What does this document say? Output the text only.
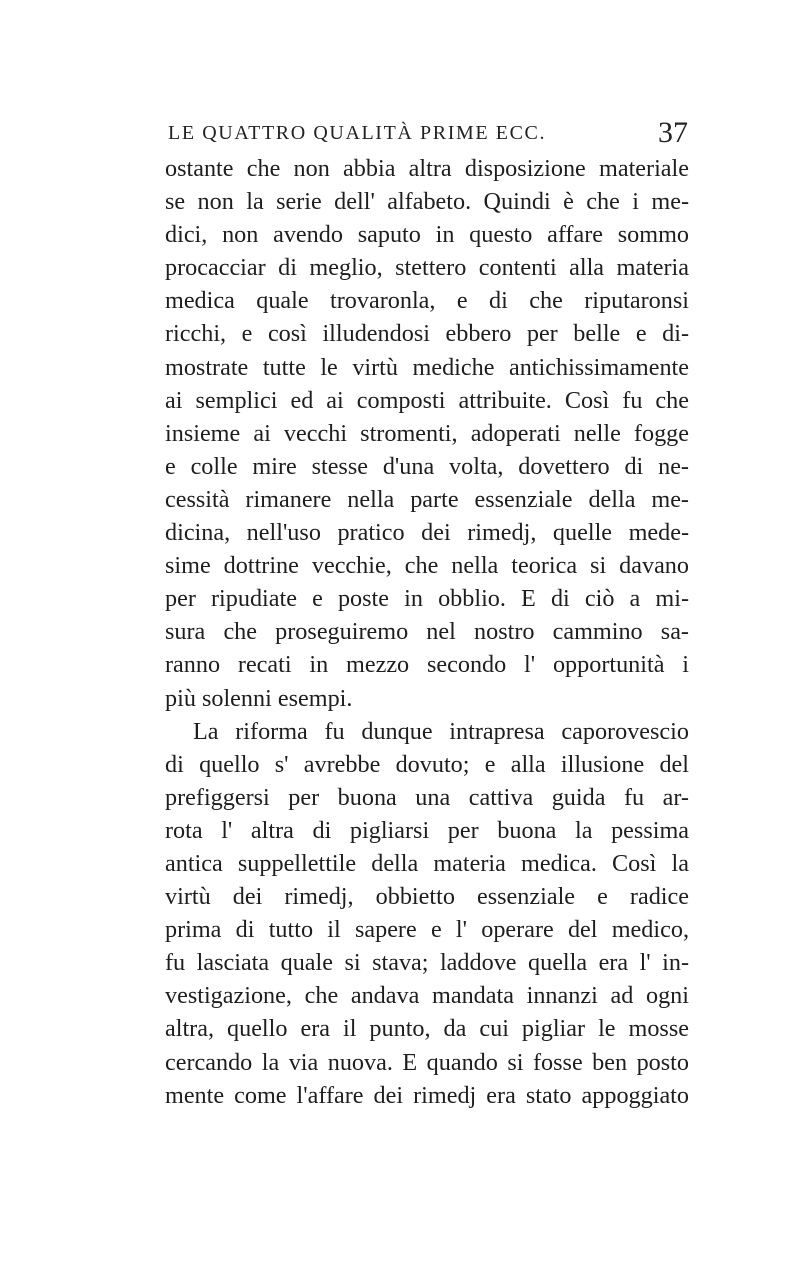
LE QUATTRO QUALITÀ PRIME ECC.	37
ostante che non abbia altra disposizione materiale
se non la serie dell' alfabeto. Quindi è che i me-
dici, non avendo saputo in questo affare sommo
procacciar di meglio, stettero contenti alla materia
medica quale trovaronla, e di che riputaronsi
ricchi, e così illudendosi ebbero per belle e di-
mostrate tutte le virtù mediche antichissimamente
ai semplici ed ai composti attribuite. Così fu che
insieme ai vecchi stromenti, adoperati nelle fogge
e colle mire stesse d'una volta, dovettero di ne-
cessità rimanere nella parte essenziale della me-
dicina, nell'uso pratico dei rimedj, quelle mede-
sime dottrine vecchie, che nella teorica si davano
per ripudiate e poste in obblio. E di ciò a mi-
sura che proseguiremo nel nostro cammino sa-
ranno recati in mezzo secondo l' opportunità i
più solenni esempi.
La riforma fu dunque intrapresa caporovescio
di quello s' avrebbe dovuto; e alla illusione del
prefiggersi per buona una cattiva guida fu ar-
rota l' altra di pigliarsi per buona la pessima
antica suppellettile della materia medica. Così la
virtù dei rimedj, obbietto essenziale e radice
prima di tutto il sapere e l' operare del medico,
fu lasciata quale si stava; laddove quella era l' in-
vestigazione, che andava mandata innanzi ad ogni
altra, quello era il punto, da cui pigliar le mosse
cercando la via nuova. E quando si fosse ben posto
mente come l'affare dei rimedj era stato appoggiato
